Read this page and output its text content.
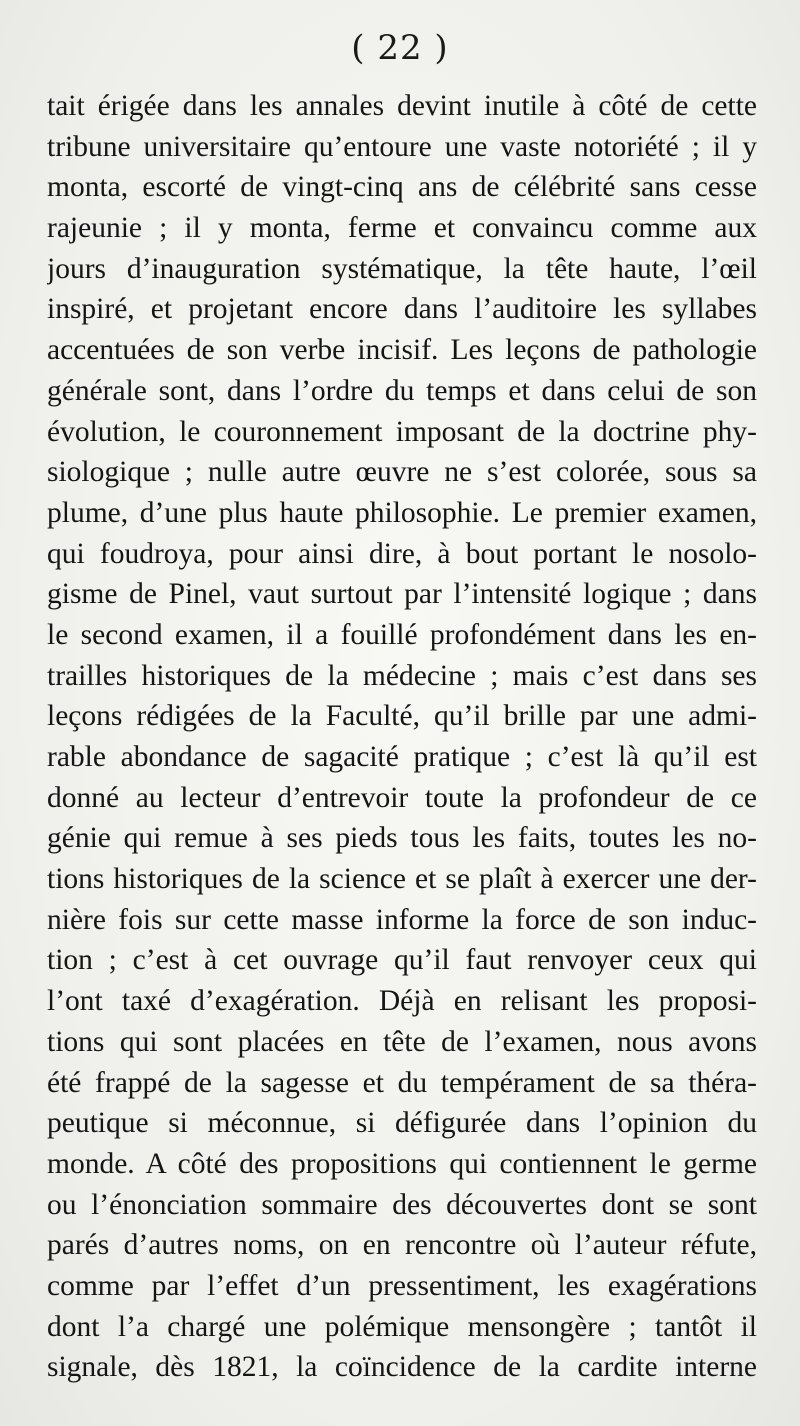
( 22 )
tait érigée dans les annales devint inutile à côté de cette
tribune universitaire qu’entoure une vaste notoriété ; il y
monta, escorté de vingt-cinq ans de célébrité sans cesse
rajeunie ; il y monta, ferme et convaincu comme aux
jours d’inauguration systématique, la tête haute, l’œil
inspiré, et projetant encore dans l’auditoire les syllabes
accentuées de son verbe incisif. Les leçons de pathologie
générale sont, dans l’ordre du temps et dans celui de son
évolution, le couronnement imposant de la doctrine phy-
siologique ; nulle autre œuvre ne s’est colorée, sous sa
plume, d’une plus haute philosophie. Le premier examen,
qui foudroya, pour ainsi dire, à bout portant le nosolo-
gisme de Pinel, vaut surtout par l’intensité logique ; dans
le second examen, il a fouillé profondément dans les en-
trailles historiques de la médecine ; mais c’est dans ses
leçons rédigées de la Faculté, qu’il brille par une admi-
rable abondance de sagacité pratique ; c’est là qu’il est
donné au lecteur d’entrevoir toute la profondeur de ce
génie qui remue à ses pieds tous les faits, toutes les no-
tions historiques de la science et se plaît à exercer une der-
nière fois sur cette masse informe la force de son induc-
tion ; c’est à cet ouvrage qu’il faut renvoyer ceux qui
l’ont taxé d’exagération. Déjà en relisant les proposi-
tions qui sont placées en tête de l’examen, nous avons
été frappé de la sagesse et du tempérament de sa théra-
peutique si méconnue, si défigurée dans l’opinion du
monde. A côté des propositions qui contiennent le germe
ou l’énonciation sommaire des découvertes dont se sont
parés d’autres noms, on en rencontre où l’auteur réfute,
comme par l’effet d’un pressentiment, les exagérations
dont l’a chargé une polémique mensongère ; tantôt il
signale, dès 1821, la coïncidence de la cardite interne
